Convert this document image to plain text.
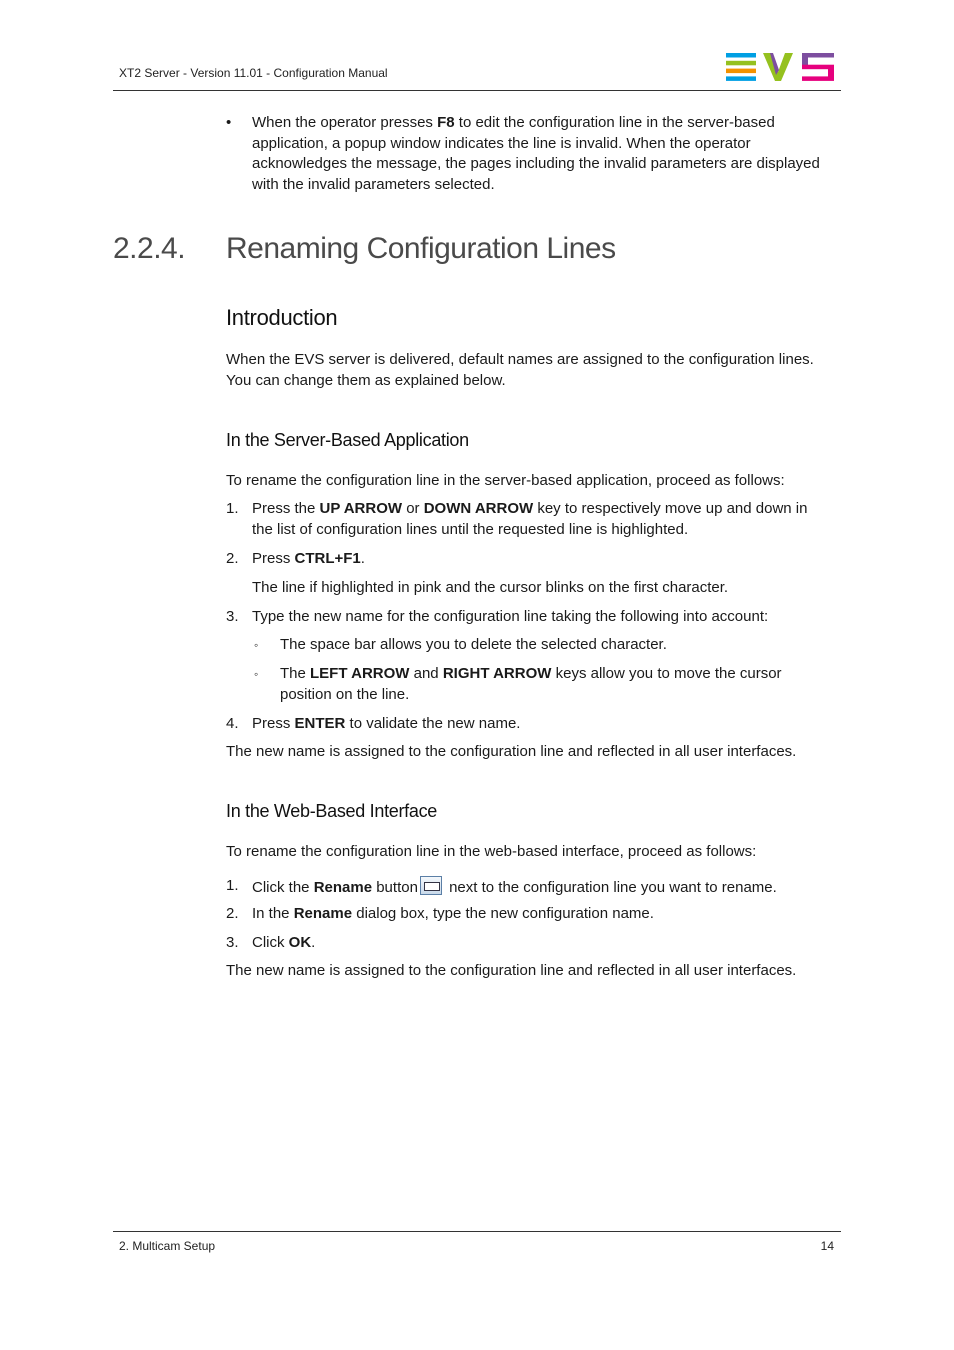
XT2 Server - Version 11.01 - Configuration Manual
• When the operator presses F8 to edit the configuration line in the server-based
application, a popup window indicates the line is invalid. When the operator
acknowledges the message, the pages including the invalid parameters are displayed
with the invalid parameters selected.
2.2.4. Renaming Configuration Lines
Introduction
When the EVS server is delivered, default names are assigned to the configuration lines.
You can change them as explained below.
In the Server-Based Application
To rename the configuration line in the server-based application, proceed as follows:
1. Press the UP ARROW or DOWN ARROW key to respectively move up and down in
the list of configuration lines until the requested line is highlighted.
2. Press CTRL+F1.
The line if highlighted in pink and the cursor blinks on the first character.
3. Type the new name for the configuration line taking the following into account:
◦ The space bar allows you to delete the selected character.
◦ The LEFT ARROW and RIGHT ARROW keys allow you to move the cursor
position on the line.
4. Press ENTER to validate the new name.
The new name is assigned to the configuration line and reflected in all user interfaces.
In the Web-Based Interface
To rename the configuration line in the web-based interface, proceed as follows:
1. Click the Rename button next to the configuration line you want to rename.
2. In the Rename dialog box, type the new configuration name.
3. Click OK.
The new name is assigned to the configuration line and reflected in all user interfaces.
2. Multicam Setup	14
